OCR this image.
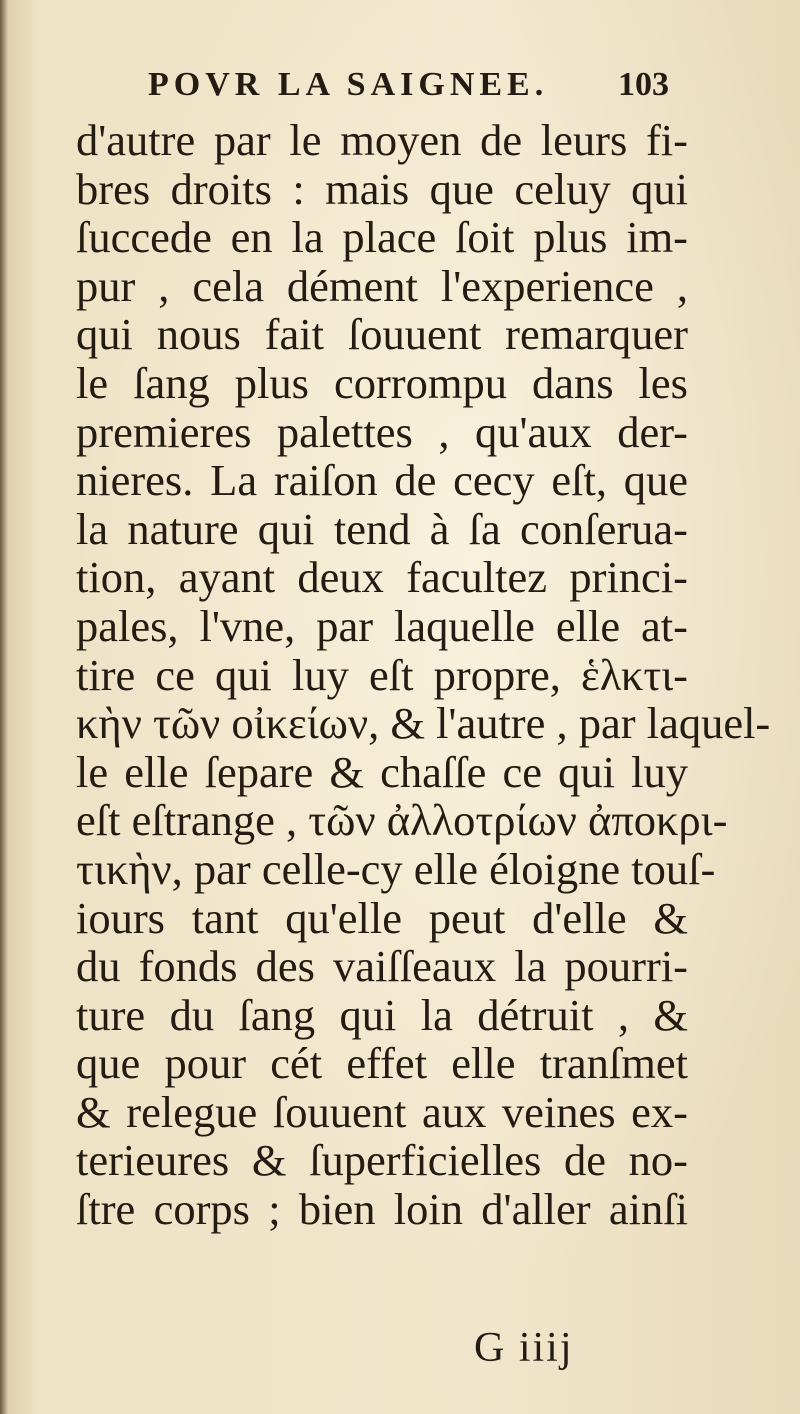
POVR LA SAIGNEE.	103
d'autre par le moyen de leurs fi-
bres droits : mais que celuy qui
ſuccede en la place ſoit plus im-
pur , cela dément l'experience ,
qui nous fait ſouuent remarquer
le ſang plus corrompu dans les
premieres palettes , qu'aux der-
nieres. La raiſon de cecy eſt, que
la nature qui tend à ſa conſerua-
tion, ayant deux facultez princi-
pales, l'vne, par laquelle elle at-
tire ce qui luy eſt propre, ἑλκτι-
κὴν τῶν οἰκείων, & l'autre , par laquel-
le elle ſepare & chaſſe ce qui luy
eſt eſtrange , τῶν ἀλλοτρίων ἀποκρι-
τικὴν, par celle-cy elle éloigne touſ-
iours tant qu'elle peut d'elle &
du fonds des vaiſſeaux la pourri-
ture du ſang qui la détruit , &
que pour cét effet elle tranſmet
& relegue ſouuent aux veines ex-
terieures & ſuperficielles de no-
ſtre corps ; bien loin d'aller ainſi
G iiij
